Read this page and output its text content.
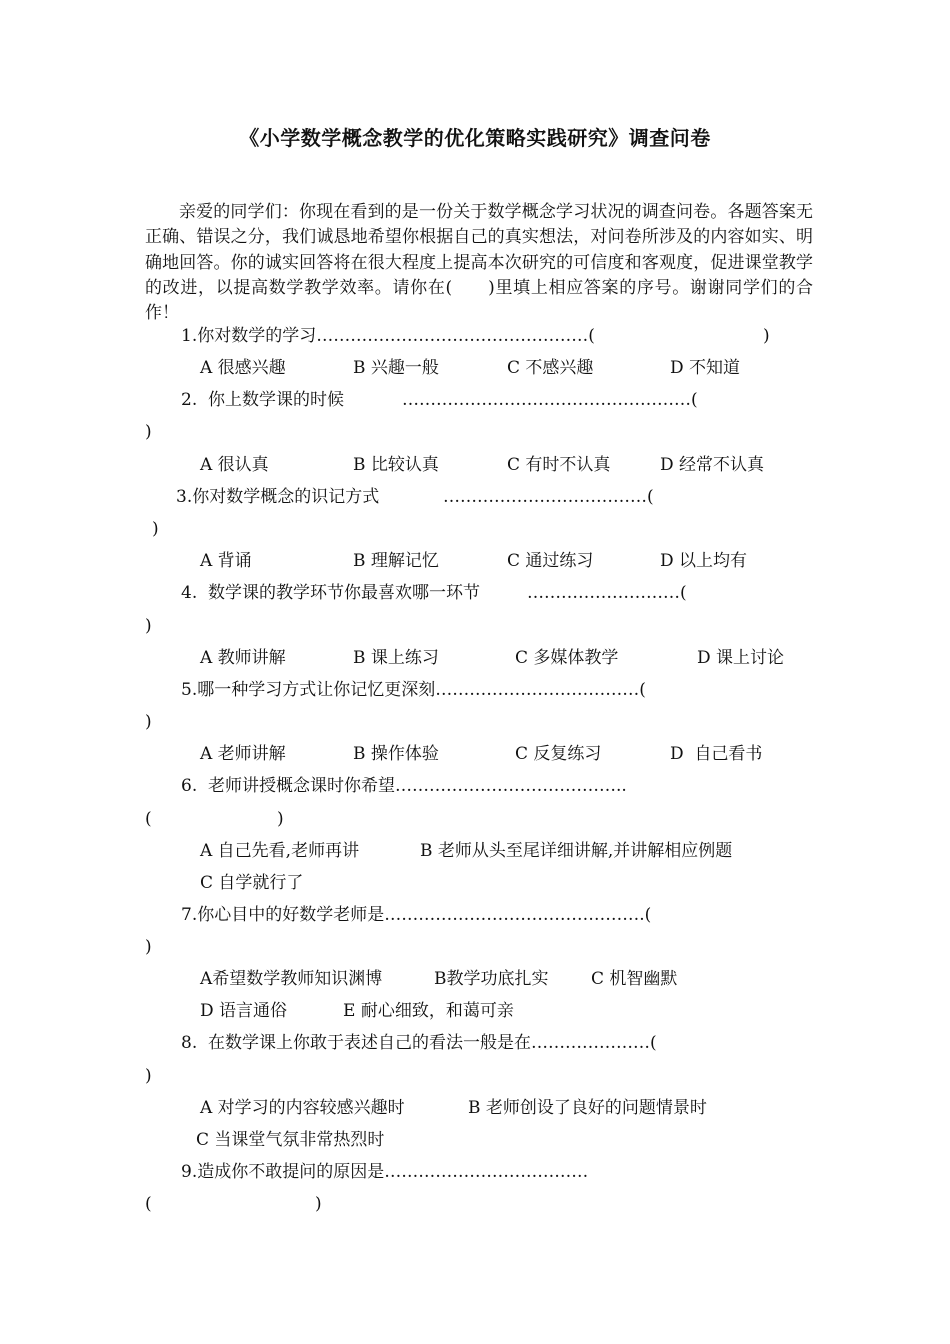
《小学数学概念教学的优化策略实践研究》调查问卷
亲爱的同学们：你现在看到的是一份关于数学概念学习状况的调查问卷。各题答案无正确、错误之分，我们诚恳地希望你根据自己的真实想法，对问卷所涉及的内容如实、明确地回答。你的诚实回答将在很大程度上提高本次研究的可信度和客观度，促进课堂教学的改进，以提高数学教学效率。请你在(　　)里填上相应答案的序号。谢谢同学们的合作！
1.你对数学的学习…………………………………………(	)
A 很感兴趣	B 兴趣一般	C 不感兴趣	D 不知道
2.  你上数学课的时候	……………………………………………(
)
A 很认真	B 比较认真	C 有时不认真	D 经常不认真
3.你对数学概念的识记方式	………………………………(
)
A 背诵	B 理解记忆	C 通过练习	D 以上均有
4.  数学课的教学环节你最喜欢哪一环节	………………………(
)
A 教师讲解	B 课上练习	C 多媒体教学	D 课上讨论
5.哪一种学习方式让你记忆更深刻………………………………(
)
A 老师讲解	B 操作体验	C 反复练习	D  自己看书
6.  老师讲授概念课时你希望…………………………………..
(	)
A 自己先看,老师再讲	B 老师从头至尾详细讲解,并讲解相应例题
C 自学就行了
7.你心目中的好数学老师是……………………………………….(
)
A希望数学教师知识渊博	B教学功底扎实	C 机智幽默
D 语言通俗	E 耐心细致，和蔼可亲
8.  在数学课上你敢于表述自己的看法一般是在…………………(
)
A 对学习的内容较感兴趣时	B 老师创设了良好的问题情景时
C 当课堂气氛非常热烈时
9.造成你不敢提问的原因是………………………………
(	)
